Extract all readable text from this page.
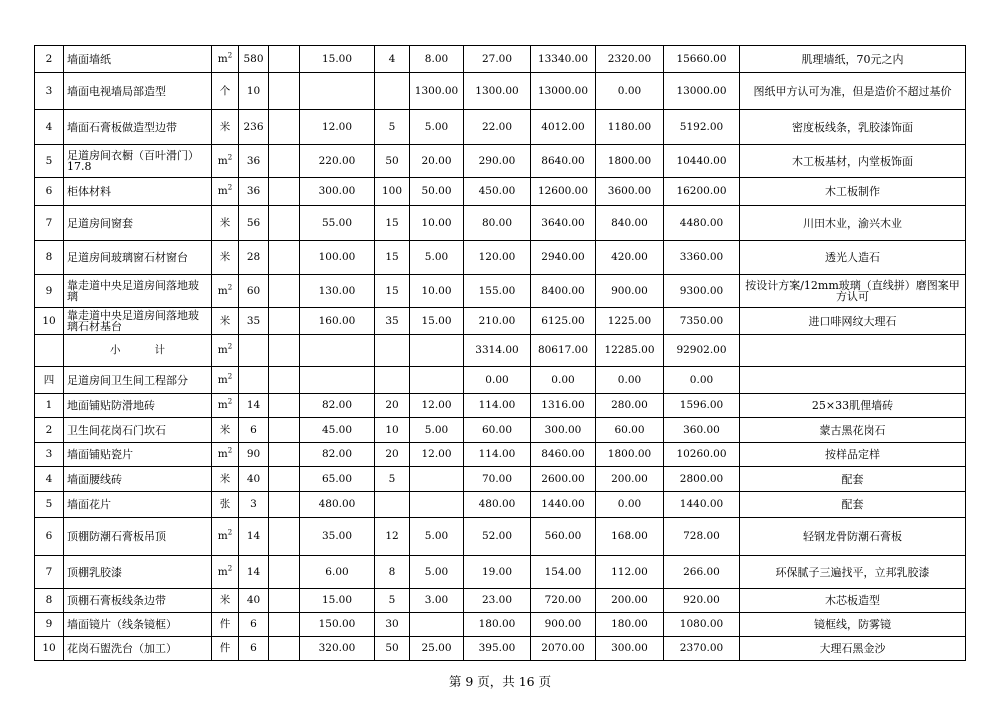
2	墙面墙纸	$m^2$	580		15.00	4	8.00	27.00	13340.00	2320.00	15660.00	肌理墙纸，70元之内
3	墙面电视墙局部造型	个	10				1300.00	1300.00	13000.00	0.00	13000.00	图纸甲方认可为准，但是造价不超过基价
4	墙面石膏板做造型边带	米	236		12.00	5	5.00	22.00	4012.00	1180.00	5192.00	密度板线条，乳胶漆饰面
5	足道房间衣橱（百叶滑门）17.8	$m^2$	36		220.00	50	20.00	290.00	8640.00	1800.00	10440.00	木工板基材，内堂板饰面
6	柜体材料	$m^2$	36		300.00	100	50.00	450.00	12600.00	3600.00	16200.00	木工板制作
7	足道房间窗套	米	56		55.00	15	10.00	80.00	3640.00	840.00	4480.00	川田木业，渝兴木业
8	足道房间玻璃窗石材窗台	米	28		100.00	15	5.00	120.00	2940.00	420.00	3360.00	透光人造石
9	靠走道中央足道房间落地玻璃	$m^2$	60		130.00	15	10.00	155.00	8400.00	900.00	9300.00	按设计方案/12mm玻璃（直线拼）磨图案甲方认可
10	靠走道中央足道房间落地玻璃石材基台	米	35		160.00	35	15.00	210.00	6125.00	1225.00	7350.00	进口啡网纹大理石
	小 计	$m^2$						3314.00	80617.00	12285.00	92902.00	
四	足道房间卫生间工程部分	$m^2$						0.00	0.00	0.00	0.00	
1	地面铺贴防滑地砖	$m^2$	14		82.00	20	12.00	114.00	1316.00	280.00	1596.00	25×33肌俚墙砖
2	卫生间花岗石门坎石	米	6		45.00	10	5.00	60.00	300.00	60.00	360.00	蒙古黑花岗石
3	墙面铺贴瓷片	$m^2$	90		82.00	20	12.00	114.00	8460.00	1800.00	10260.00	按样品定样
4	墙面腰线砖	米	40		65.00	5		70.00	2600.00	200.00	2800.00	配套
5	墙面花片	张	3		480.00			480.00	1440.00	0.00	1440.00	配套
6	顶棚防潮石膏板吊顶	$m^2$	14		35.00	12	5.00	52.00	560.00	168.00	728.00	轻钢龙骨防潮石膏板
7	顶棚乳胶漆	$m^2$	14		6.00	8	5.00	19.00	154.00	112.00	266.00	环保腻子三遍找平，立邦乳胶漆
8	顶棚石膏板线条边带	米	40		15.00	5	3.00	23.00	720.00	200.00	920.00	木芯板造型
9	墙面镜片（线条镜框）	件	6		150.00	30		180.00	900.00	180.00	1080.00	镜框线，防雾镜
10	花岗石盥洗台（加工）	件	6		320.00	50	25.00	395.00	2070.00	300.00	2370.00	大理石黑金沙
第 9 页，共 16 页
